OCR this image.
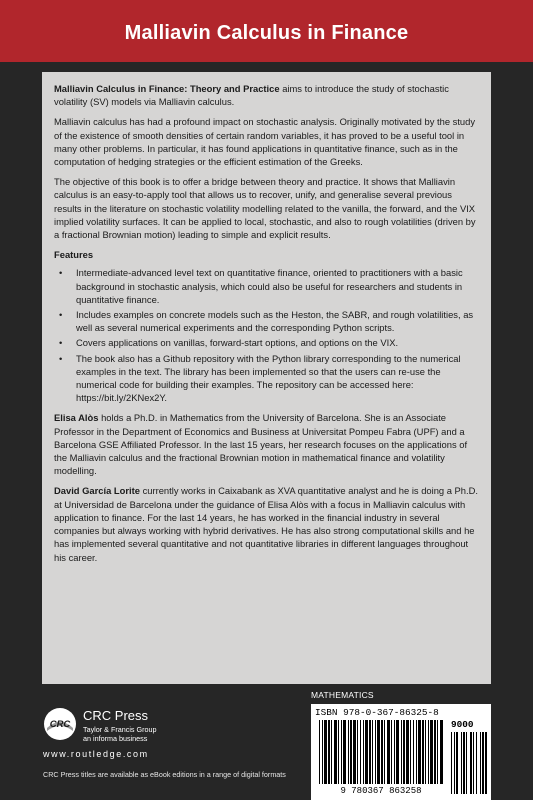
Malliavin Calculus in Finance

Malliavin Calculus in Finance: Theory and Practice aims to introduce the study of stochastic volatility (SV) models via Malliavin calculus.

Malliavin calculus has had a profound impact on stochastic analysis. Originally motivated by the study of the existence of smooth densities of certain random variables, it has proved to be a useful tool in many other problems. In particular, it has found applications in quantitative finance, such as in the computation of hedging strategies or the efficient estimation of the Greeks.

The objective of this book is to offer a bridge between theory and practice. It shows that Malliavin calculus is an easy-to-apply tool that allows us to recover, unify, and generalise several previous results in the literature on stochastic volatility modelling related to the vanilla, the forward, and the VIX implied volatility surfaces. It can be applied to local, stochastic, and also to rough volatilities (driven by a fractional Brownian motion) leading to simple and explicit results.

Features
• Intermediate-advanced level text on quantitative finance, oriented to practitioners with a basic background in stochastic analysis, which could also be useful for researchers and students in quantitative finance.
• Includes examples on concrete models such as the Heston, the SABR, and rough volatilities, as well as several numerical experiments and the corresponding Python scripts.
• Covers applications on vanillas, forward-start options, and options on the VIX.
• The book also has a Github repository with the Python library corresponding to the numerical examples in the text. The library has been implemented so that the users can re-use the numerical code for building their examples. The repository can be accessed here: https://bit.ly/2KNex2Y.

Elisa Alòs holds a Ph.D. in Mathematics from the University of Barcelona. She is an Associate Professor in the Department of Economics and Business at Universitat Pompeu Fabra (UPF) and a Barcelona GSE Affiliated Professor. In the last 15 years, her research focuses on the applications of the Malliavin calculus and the fractional Brownian motion in mathematical finance and volatility modelling.

David García Lorite currently works in Caixabank as XVA quantitative analyst and he is doing a Ph.D. at Universidad de Barcelona under the guidance of Elisa Alòs with a focus in Malliavin calculus with application to finance. For the last 14 years, he has worked in the financial industry in several companies but always working with hybrid derivatives. He has also strong computational skills and he has implemented several quantitative and not quantitative libraries in different languages throughout his career.

MATHEMATICS
CRC
CRC Press
Taylor & Francis Group
an informa business
www.routledge.com
CRC Press titles are available as eBook editions in a range of digital formats
ISBN 978-0-367-86325-8
9000
9 780367 863258
